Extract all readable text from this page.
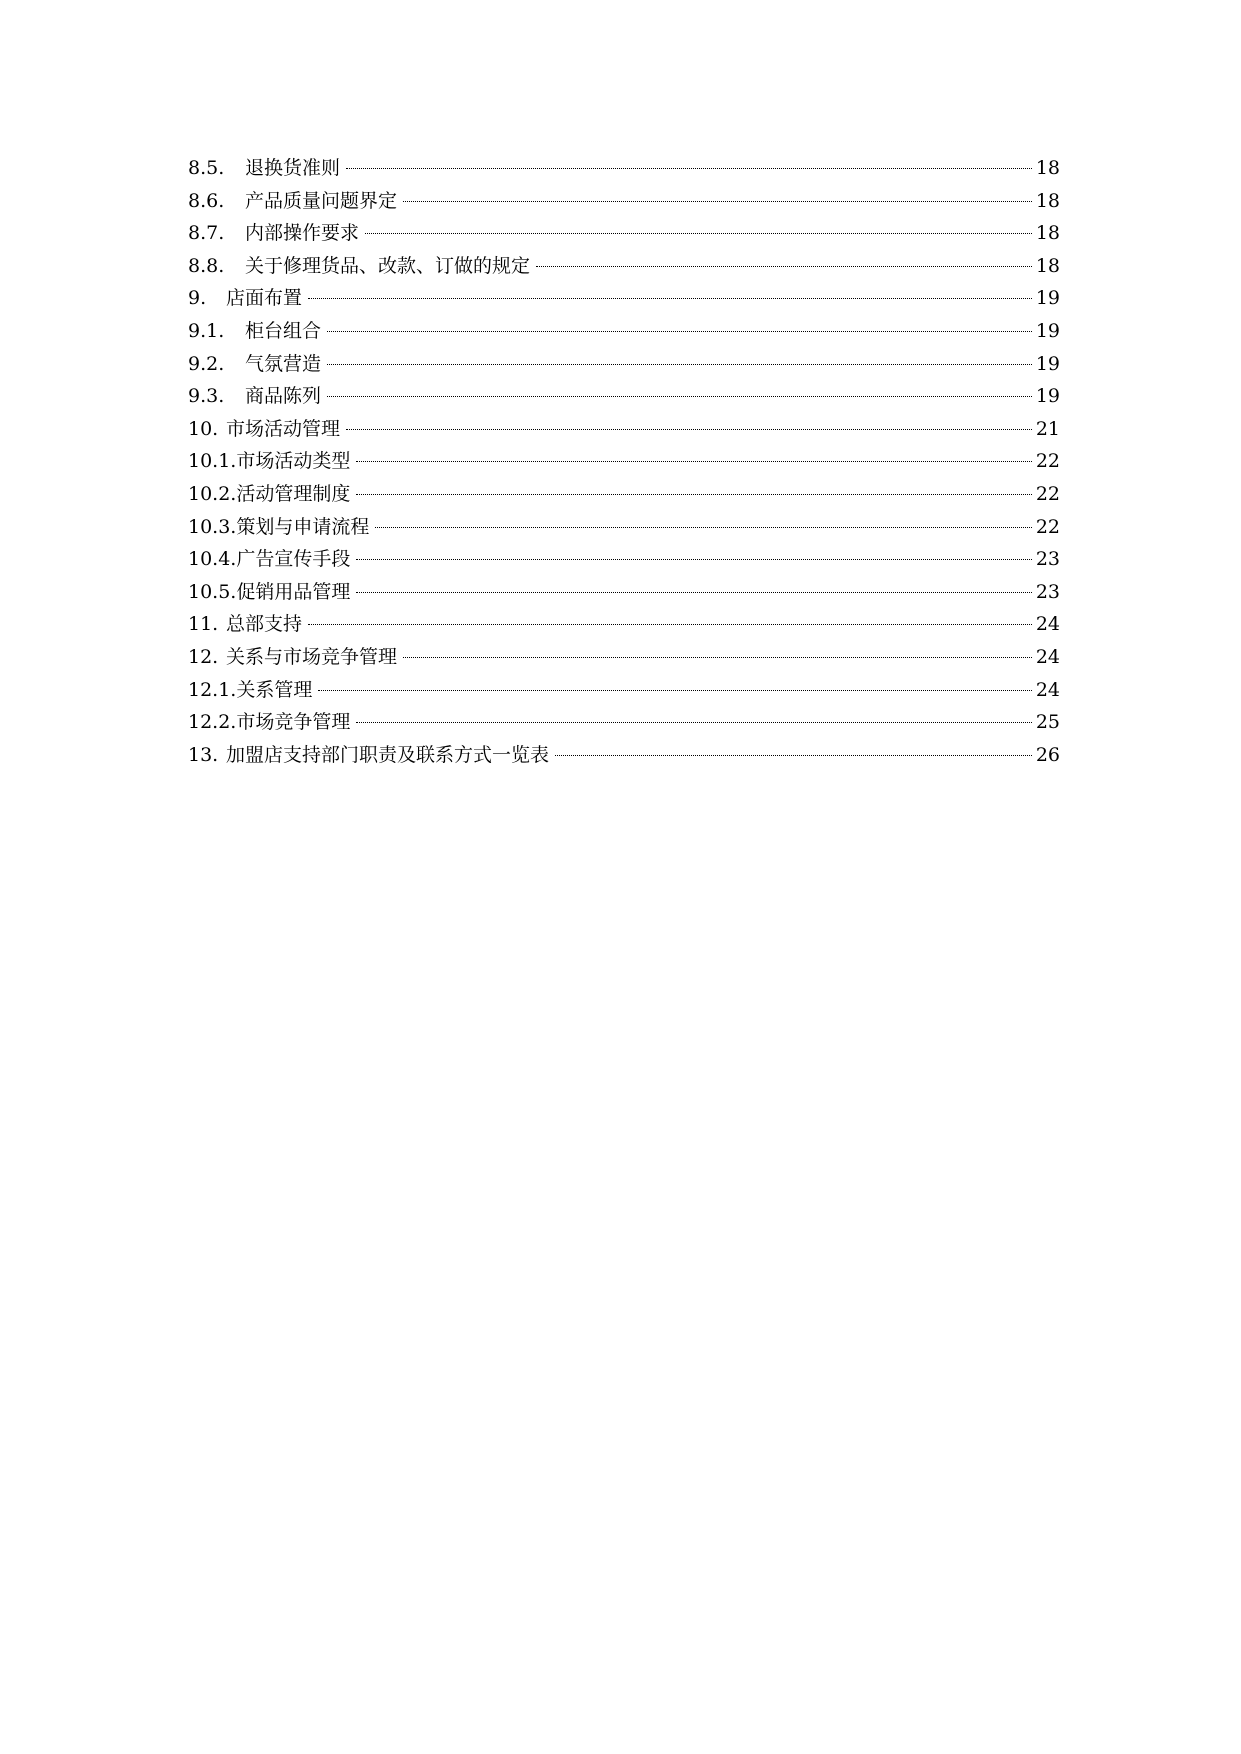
8.5.	退换货准则	18
8.6.	产品质量问题界定	18
8.7.	内部操作要求	18
8.8.	关于修理货品、改款、订做的规定	18
9.	店面布置	19
9.1.	柜台组合	19
9.2.	气氛营造	19
9.3.	商品陈列	19
10. 市场活动管理	21
10.1. 市场活动类型	22
10.2. 活动管理制度	22
10.3. 策划与申请流程	22
10.4. 广告宣传手段	23
10.5. 促销用品管理	23
11. 总部支持	24
12. 关系与市场竞争管理	24
12.1. 关系管理	24
12.2. 市场竞争管理	25
13. 加盟店支持部门职责及联系方式一览表	26
